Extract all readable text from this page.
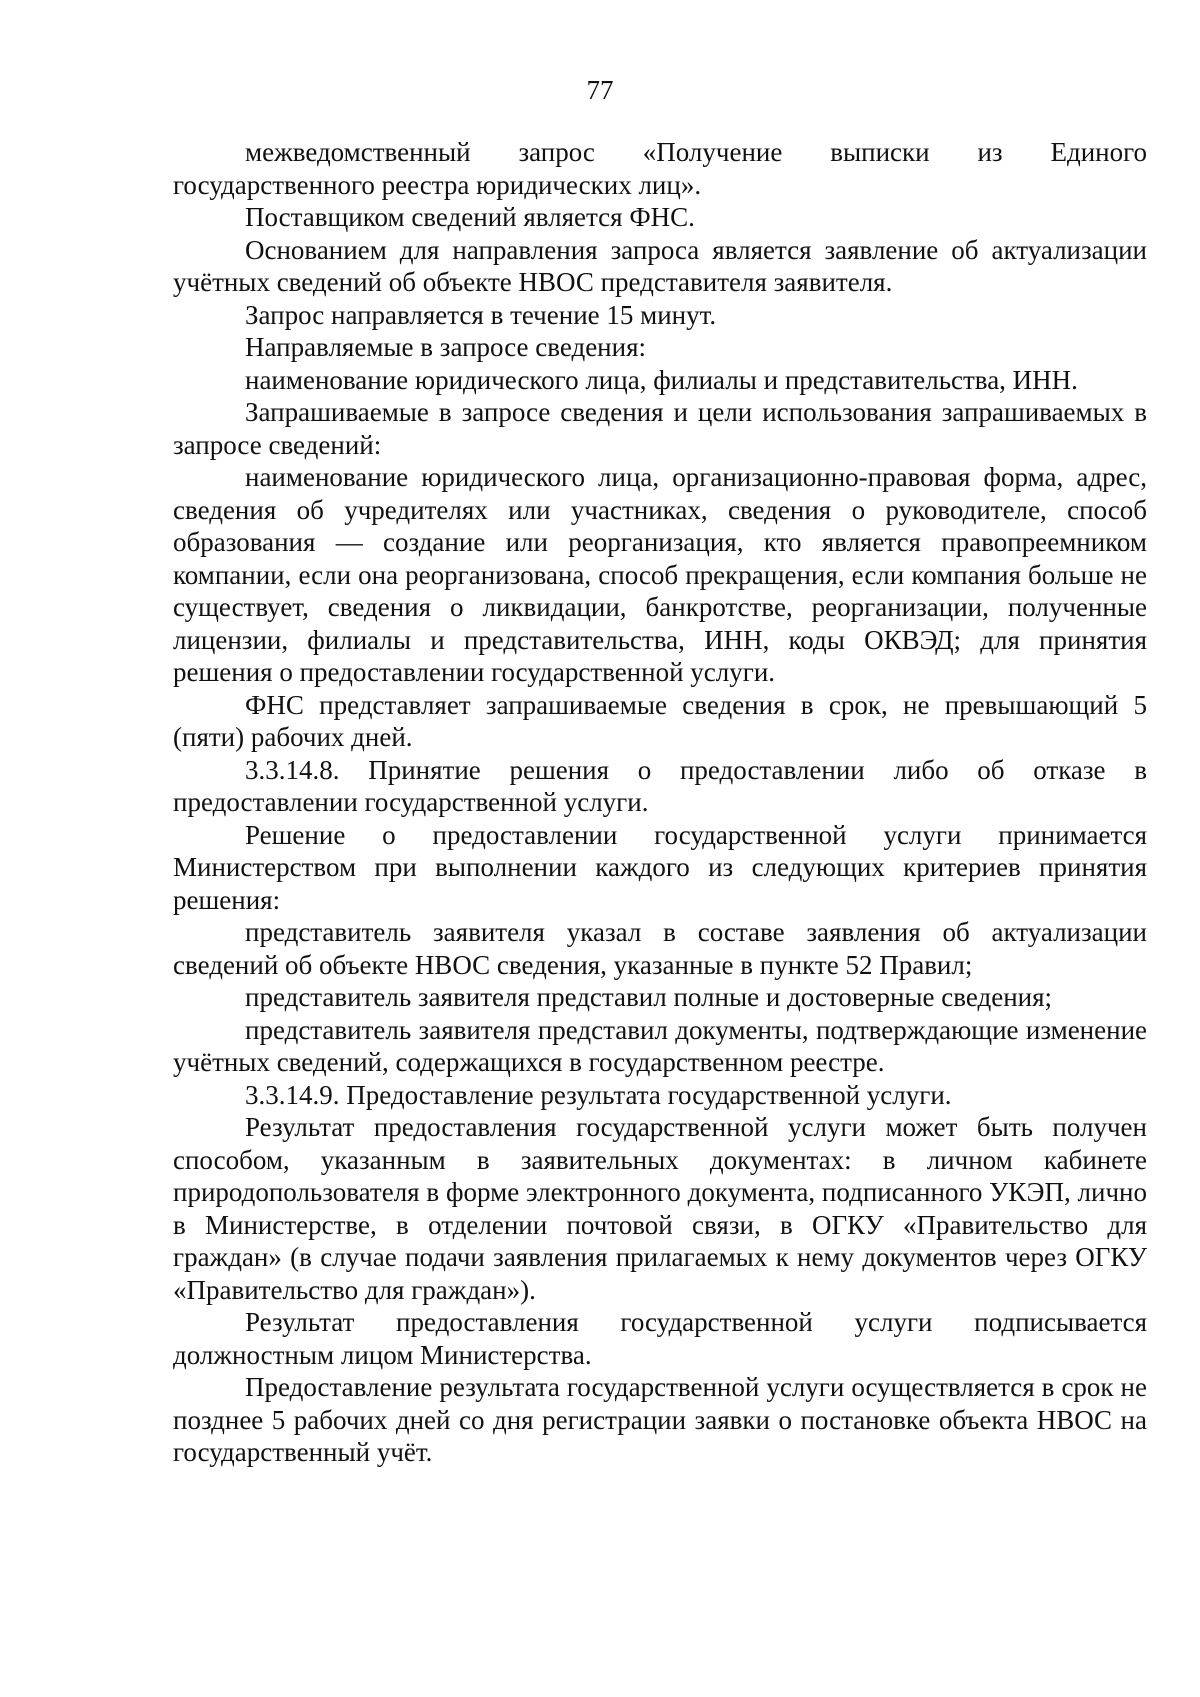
77

межведомственный запрос «Получение выписки из Единого государственного реестра юридических лиц».

Поставщиком сведений является ФНС.

Основанием для направления запроса является заявление об актуализации учётных сведений об объекте НВОС представителя заявителя.

Запрос направляется в течение 15 минут.

Направляемые в запросе сведения:

наименование юридического лица, филиалы и представительства, ИНН.

Запрашиваемые в запросе сведения и цели использования запрашиваемых в запросе сведений:

наименование юридического лица, организационно-правовая форма, адрес, сведения об учредителях или участниках, сведения о руководителе, способ образования — создание или реорганизация, кто является правопреемником компании, если она реорганизована, способ прекращения, если компания больше не существует, сведения о ликвидации, банкротстве, реорганизации, полученные лицензии, филиалы и представительства, ИНН, коды ОКВЭД; для принятия решения о предоставлении государственной услуги.

ФНС представляет запрашиваемые сведения в срок, не превышающий 5 (пяти) рабочих дней.

3.3.14.8. Принятие решения о предоставлении либо об отказе в предоставлении государственной услуги.

Решение о предоставлении государственной услуги принимается Министерством при выполнении каждого из следующих критериев принятия решения:

представитель заявителя указал в составе заявления об актуализации сведений об объекте НВОС сведения, указанные в пункте 52 Правил;

представитель заявителя представил полные и достоверные сведения;

представитель заявителя представил документы, подтверждающие изменение учётных сведений, содержащихся в государственном реестре.

3.3.14.9. Предоставление результата государственной услуги.

Результат предоставления государственной услуги может быть получен способом, указанным в заявительных документах: в личном кабинете природопользователя в форме электронного документа, подписанного УКЭП, лично в Министерстве, в отделении почтовой связи, в ОГКУ «Правительство для граждан» (в случае подачи заявления прилагаемых к нему документов через ОГКУ «Правительство для граждан»).

Результат предоставления государственной услуги подписывается должностным лицом Министерства.

Предоставление результата государственной услуги осуществляется в срок не позднее 5 рабочих дней со дня регистрации заявки о постановке объекта НВОС на государственный учёт.
